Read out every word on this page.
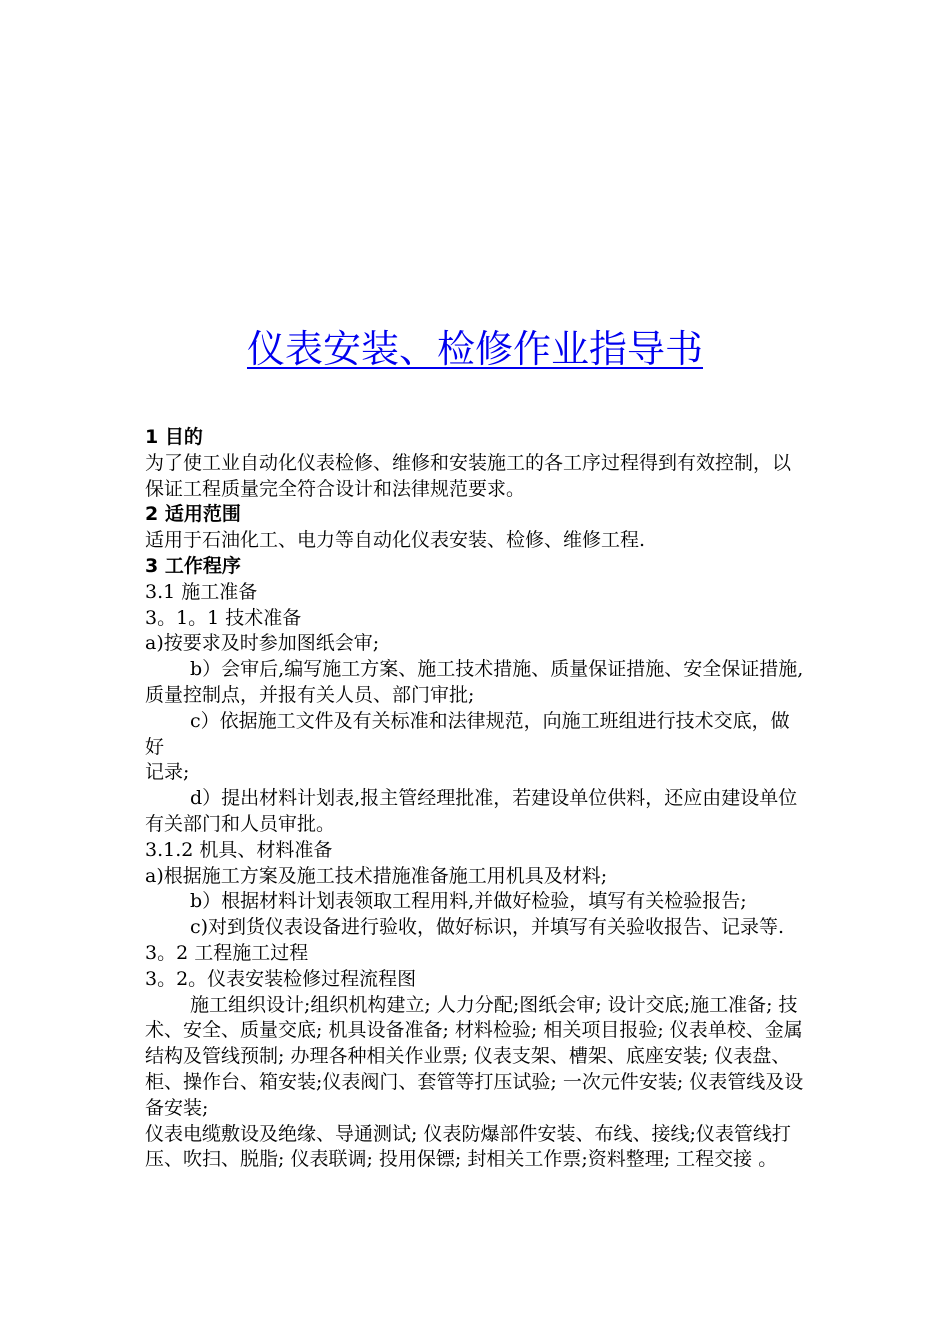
仪表安装、检修作业指导书

1 目的

为了使工业自动化仪表检修、维修和安装施工的各工序过程得到有效控制，以保证工程质量完全符合设计和法律规范要求。

2 适用范围

适用于石油化工、电力等自动化仪表安装、检修、维修工程.

3 工作程序

3.1 施工准备

3。1。1 技术准备

a)按要求及时参加图纸会审;

b）会审后,编写施工方案、施工技术措施、质量保证措施、安全保证措施,质量控制点，并报有关人员、部门审批;

c）依据施工文件及有关标准和法律规范，向施工班组进行技术交底，做好

记录;

d）提出材料计划表,报主管经理批准，若建设单位供料，还应由建设单位有关部门和人员审批。

3.1.2 机具、材料准备

a)根据施工方案及施工技术措施准备施工用机具及材料;

b）根据材料计划表领取工程用料,并做好检验，填写有关检验报告;

c)对到货仪表设备进行验收，做好标识，并填写有关验收报告、记录等.

3。2 工程施工过程

3。2。仪表安装检修过程流程图

施工组织设计;组织机构建立; 人力分配;图纸会审; 设计交底;施工准备; 技术、安全、质量交底; 机具设备准备; 材料检验; 相关项目报验; 仪表单校、金属结构及管线预制; 办理各种相关作业票; 仪表支架、槽架、底座安装; 仪表盘、柜、操作台、箱安装;仪表阀门、套管等打压试验; 一次元件安装; 仪表管线及设备安装;

仪表电缆敷设及绝缘、导通测试; 仪表防爆部件安装、布线、接线;仪表管线打压、吹扫、脱脂; 仪表联调; 投用保镖; 封相关工作票;资料整理; 工程交接 。
